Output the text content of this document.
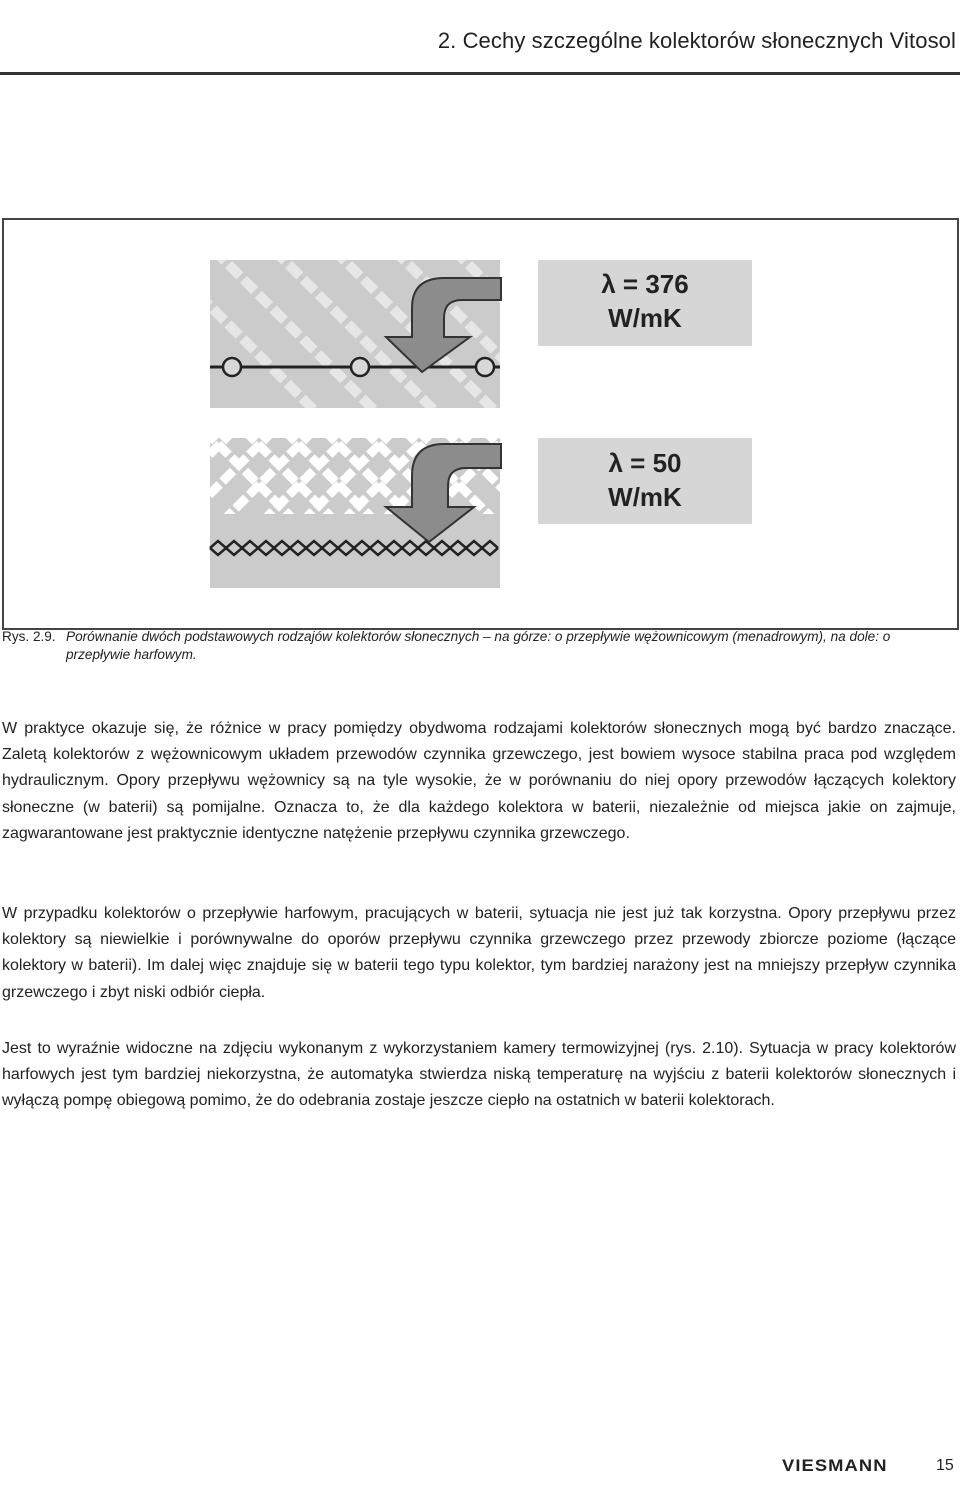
2. Cechy szczególne kolektorów słonecznych Vitosol
λ = 376
W/mK
λ = 50
W/mK
Rys. 2.9. Porównanie dwóch podstawowych rodzajów kolektorów słonecznych – na górze: o przepływie wężownicowym (menadrowym), na dole: o przepływie harfowym.

W praktyce okazuje się, że różnice w pracy pomiędzy obydwoma rodzajami kolektorów słonecznych mogą być bardzo znaczące. Zaletą kolektorów z wężownicowym układem przewodów czynnika grzewczego, jest bowiem wysoce stabilna praca pod względem hydraulicznym. Opory przepływu wężownicy są na tyle wysokie, że w porównaniu do niej opory przewodów łączących kolektory słoneczne (w baterii) są pomijalne. Oznacza to, że dla każdego kolektora w baterii, niezależnie od miejsca jakie on zajmuje, zagwarantowane jest praktycznie identyczne natężenie przepływu czynnika grzewczego.

W przypadku kolektorów o przepływie harfowym, pracujących w baterii, sytuacja nie jest już tak korzystna. Opory przepływu przez kolektory są niewielkie i porównywalne do oporów przepływu czynnika grzewczego przez przewody zbiorcze poziome (łączące kolektory w baterii). Im dalej więc znajduje się w baterii tego typu kolektor, tym bardziej narażony jest na mniejszy przepływ czynnika grzewczego i zbyt niski odbiór ciepła.

Jest to wyraźnie widoczne na zdjęciu wykonanym z wykorzystaniem kamery termowizyjnej (rys. 2.10). Sytuacja w pracy kolektorów harfowych jest tym bardziej niekorzystna, że automatyka stwierdza niską temperaturę na wyjściu z baterii kolektorów słonecznych i wyłączą pompę obiegową pomimo, że do odebrania zostaje jeszcze ciepło na ostatnich w baterii kolektorach.

VIESMANN	15
